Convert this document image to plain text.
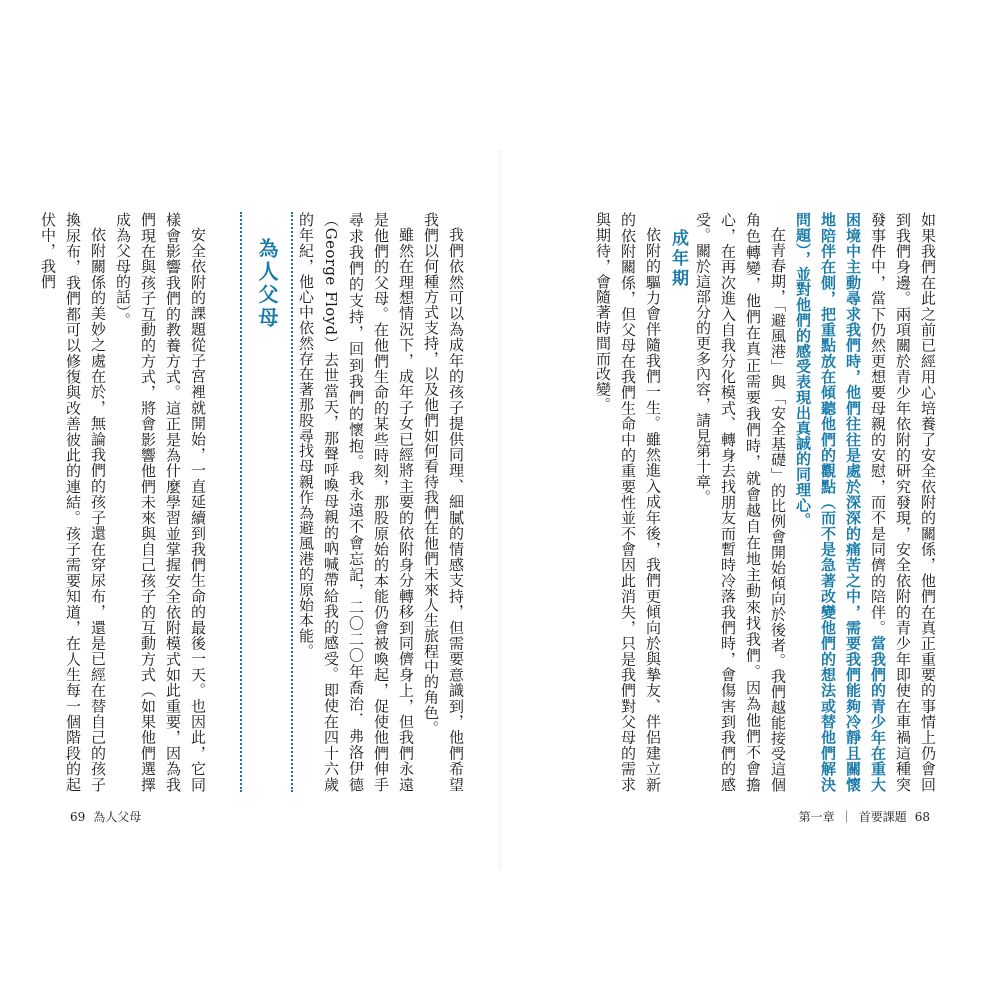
如果我們在此之前已經用心培養了安全依附的關係，他們在真正重要的事情上仍會回到我們身邊。兩項關於青少年依附的研究發現，安全依附的青少年即使在車禍這種突發事件中，當下仍然更想要母親的安慰，而不是同儕的陪伴。當我們的青少年在重大困境中主動尋求我們時，他們往往是處於深深的痛苦之中，需要我們能夠冷靜且關懷地陪伴在側，把重點放在傾聽他們的觀點（而不是急著改變他們的想法或替他們解決問題），並對他們的感受表現出真誠的同理心。

在青春期，「避風港」與「安全基礎」的比例會開始傾向於後者。我們越能接受這個角色轉變，他們在真正需要我們時，就會越自在地主動來找我們。因為他們不會擔心，在再次進入自我分化模式、轉身去找朋友而暫時冷落我們時，會傷害到我們的感受。關於這部分的更多內容，請見第十章。

成年期

依附的驅力會伴隨我們一生。雖然進入成年後，我們更傾向於與摯友、伴侶建立新的依附關係，但父母在我們生命中的重要性並不會因此消失，只是我們對父母的需求與期待，會隨著時間而改變。

第一章 ｜ 首要課題 68

我們依然可以為成年的孩子提供同理、細膩的情感支持，但需要意識到，他們希望我們以何種方式支持，以及他們如何看待我們在他們未來人生旅程中的角色。

雖然在理想情況下，成年子女已經將主要的依附身分轉移到同儕身上，但我們永遠是他們的父母。在他們生命的某些時刻，那股原始的本能仍會被喚起，促使他們伸手尋求我們的支持，回到我們的懷抱。我永遠不會忘記，二〇二〇年喬治．弗洛伊德（George Floyd）去世當天，那聲呼喚母親的吶喊帶給我的感受。即使在四十六歲的年紀，他心中依然存在著那股尋找母親作為避風港的原始本能。

為人父母

安全依附的課題從子宮裡就開始，一直延續到我們生命的最後一天。也因此，它同樣會影響我們的教養方式。這正是為什麼學習並掌握安全依附模式如此重要，因為我們現在與孩子互動的方式，將會影響他們未來與自己孩子的互動方式（如果他們選擇成為父母的話）。

依附關係的美妙之處在於，無論我們的孩子還在穿尿布，還是已經在替自己的孩子換尿布，我們都可以修復與改善彼此的連結。孩子需要知道，在人生每一個階段的起伏中，我們

69 為人父母
